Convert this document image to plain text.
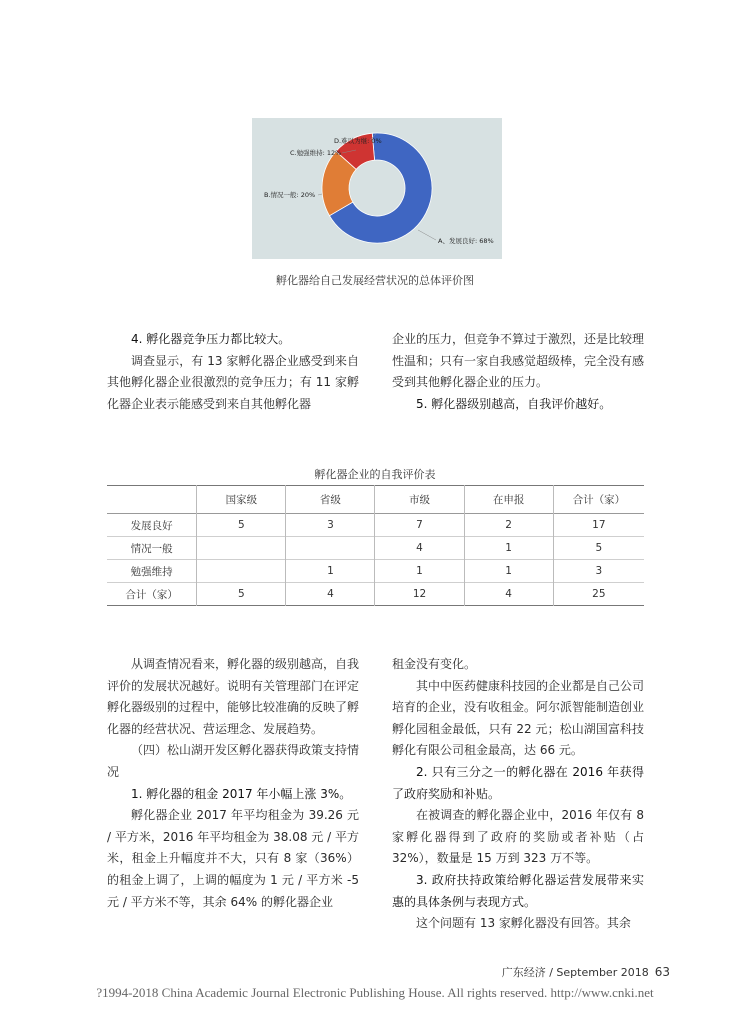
A、发展良好: 68%
B.情况一般: 20%
C.勉强维持: 12%
D.难以为继: 0%
孵化器给自己发展经营状况的总体评价图

4. 孵化器竞争压力都比较大。

调查显示，有 13 家孵化器企业感受到来自其他孵化器企业很激烈的竞争压力；有 11 家孵化器企业表示能感受到来自其他孵化器

企业的压力，但竞争不算过于激烈，还是比较理性温和；只有一家自我感觉超级棒，完全没有感受到其他孵化器企业的压力。

5. 孵化器级别越高，自我评价越好。

孵化器企业的自我评价表
	国家级	省级	市级	在申报	合计（家）
发展良好	5	3	7	2	17
情况一般			4	1	5
勉强维持		1	1	1	3
合计（家）	5	4	12	4	25

从调查情况看来，孵化器的级别越高，自我评价的发展状况越好。说明有关管理部门在评定孵化器级别的过程中，能够比较准确的反映了孵化器的经营状况、营运理念、发展趋势。

（四）松山湖开发区孵化器获得政策支持情况

1. 孵化器的租金 2017 年小幅上涨 3%。

孵化器企业 2017 年平均租金为 39.26 元 / 平方米，2016 年平均租金为 38.08 元 / 平方米，租金上升幅度并不大，只有 8 家（36%）的租金上调了，上调的幅度为 1 元 / 平方米 -5 元 / 平方米不等，其余 64% 的孵化器企业

租金没有变化。

其中中医药健康科技园的企业都是自己公司培育的企业，没有收租金。阿尔派智能制造创业孵化园租金最低，只有 22 元；松山湖国富科技孵化有限公司租金最高，达 66 元。

2. 只有三分之一的孵化器在 2016 年获得了政府奖励和补贴。

在被调查的孵化器企业中，2016 年仅有 8 家孵化器得到了政府的奖励或者补贴（占 32%），数量是 15 万到 323 万不等。

3. 政府扶持政策给孵化器运营发展带来实惠的具体条例与表现方式。

这个问题有 13 家孵化器没有回答。其余

广东经济 / September 2018 63
?1994-2018 China Academic Journal Electronic Publishing House. All rights reserved. http://www.cnki.net
